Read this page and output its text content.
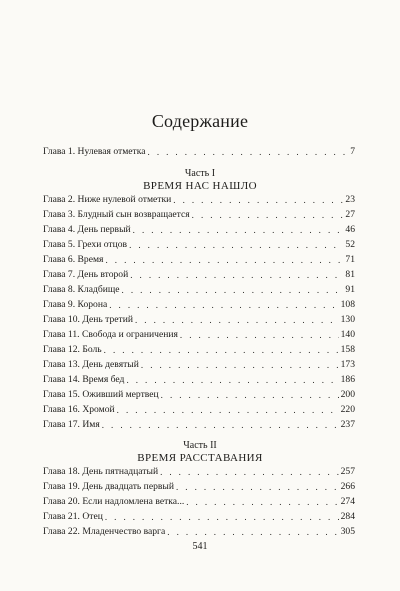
Содержание
Глава 1. Нулевая отметка . . .	7
Часть I
ВРЕМЯ НАС НАШЛО
Глава 2. Ниже нулевой отметки . . .	23
Глава 3. Блудный сын возвращается . . .	27
Глава 4. День первый . . .	46
Глава 5. Грехи отцов . . .	52
Глава 6. Время . . .	71
Глава 7. День второй . . .	81
Глава 8. Кладбище . . .	91
Глава 9. Корона . . .	108
Глава 10. День третий . . .	130
Глава 11. Свобода и ограничения . . .	140
Глава 12. Боль . . .	158
Глава 13. День девятый . . .	173
Глава 14. Время бед . . .	186
Глава 15. Оживший мертвец . . .	200
Глава 16. Хромой . . .	220
Глава 17. Имя . . .	237
Часть II
ВРЕМЯ РАССТАВАНИЯ
Глава 18. День пятнадцатый . . .	257
Глава 19. День двадцать первый . . .	266
Глава 20. Если надломлена ветка... . . .	274
Глава 21. Отец . . .	284
Глава 22. Младенчество варга . . .	305
541
